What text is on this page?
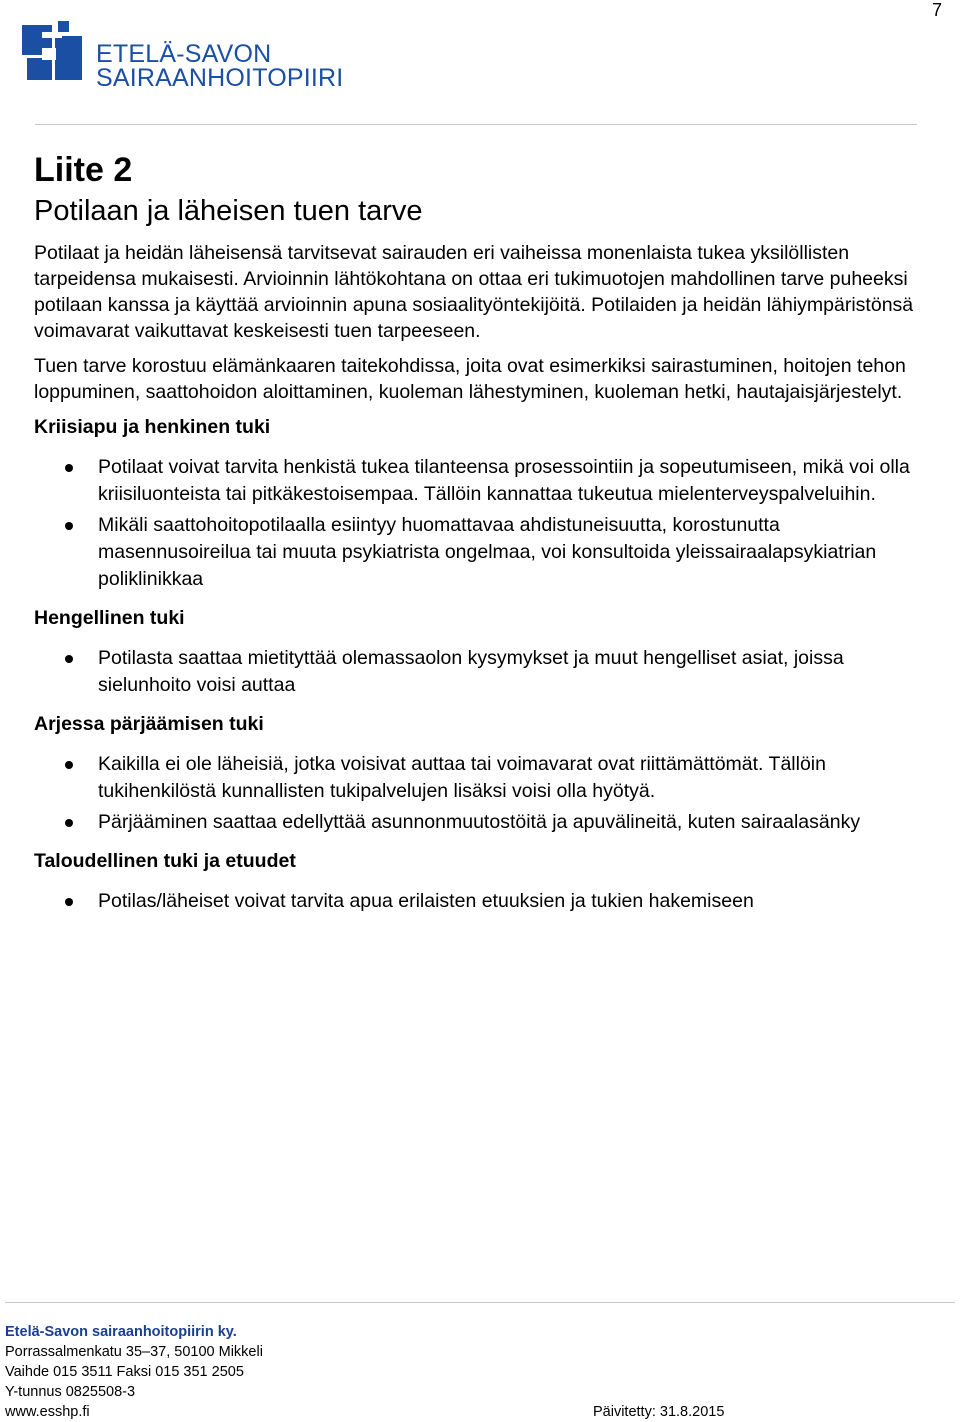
7
ETELÄ-SAVON
SAIRAANHOITOPIIRI
Liite 2
Potilaan ja läheisen tuen tarve

Potilaat ja heidän läheisensä tarvitsevat sairauden eri vaiheissa monenlaista tukea yksilöllisten tarpeidensa mukaisesti. Arvioinnin lähtökohtana on ottaa eri tukimuotojen mahdollinen tarve puheeksi potilaan kanssa ja käyttää arvioinnin apuna sosiaalityöntekijöitä. Potilaiden ja heidän lähiympäristönsä voimavarat vaikuttavat keskeisesti tuen tarpeeseen.

Tuen tarve korostuu elämänkaaren taitekohdissa, joita ovat esimerkiksi sairastuminen, hoitojen tehon loppuminen, saattohoidon aloittaminen, kuoleman lähestyminen, kuoleman hetki, hautajaisjärjestelyt.

Kriisiapu ja henkinen tuki
Potilaat voivat tarvita henkistä tukea tilanteensa prosessointiin ja sopeutumiseen, mikä voi olla kriisiluonteista tai pitkäkestoisempaa. Tällöin kannattaa tukeutua mielenterveyspalveluihin.
Mikäli saattohoitopotilaalla esiintyy huomattavaa ahdistuneisuutta, korostunutta masennusoireilua tai muuta psykiatrista ongelmaa, voi konsultoida yleissairaalapsykiatrian poliklinikkaa
Hengellinen tuki
Potilasta saattaa mietityttää olemassaolon kysymykset ja muut hengelliset asiat, joissa sielunhoito voisi auttaa
Arjessa pärjäämisen tuki
Kaikilla ei ole läheisiä, jotka voisivat auttaa tai voimavarat ovat riittämättömät. Tällöin tukihenkilöstä kunnallisten tukipalvelujen lisäksi voisi olla hyötyä.
Pärjääminen saattaa edellyttää asunnonmuutostöitä ja apuvälineitä, kuten sairaalasänky
Taloudellinen tuki ja etuudet
Potilas/läheiset voivat tarvita apua erilaisten etuuksien ja tukien hakemiseen
Etelä-Savon sairaanhoitopiirin ky.
Porrassalmenkatu 35–37, 50100 Mikkeli
Vaihde 015 3511 Faksi 015 351 2505
Y-tunnus 0825508-3
www.esshp.fi	Päivitetty: 31.8.2015
